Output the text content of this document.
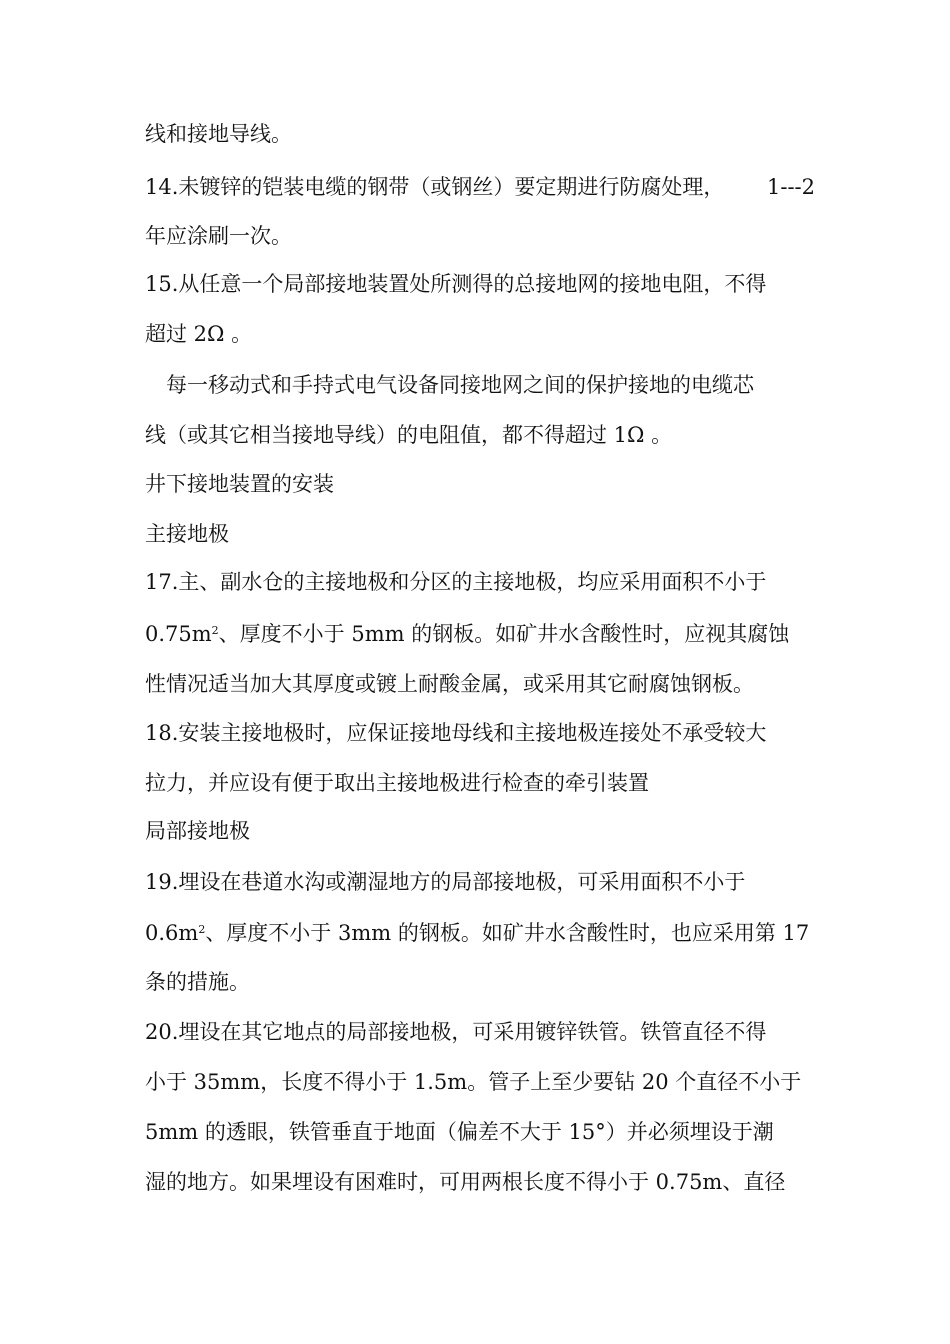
线和接地导线。
14.未镀锌的铠装电缆的钢带（或钢丝）要定期进行防腐处理， 1---2
年应涂刷一次。
15.从任意一个局部接地装置处所测得的总接地网的接地电阻，不得
超过 2Ω 。
每一移动式和手持式电气设备同接地网之间的保护接地的电缆芯
线（或其它相当接地导线）的电阻值，都不得超过 1Ω 。
井下接地装置的安装
主接地极
17.主、副水仓的主接地极和分区的主接地极，均应采用面积不小于
$0.75m^2$、厚度不小于 5mm 的钢板。如矿井水含酸性时，应视其腐蚀
性情况适当加大其厚度或镀上耐酸金属，或采用其它耐腐蚀钢板。
18.安装主接地极时，应保证接地母线和主接地极连接处不承受较大
拉力，并应设有便于取出主接地极进行检查的牵引装置
局部接地极
19.埋设在巷道水沟或潮湿地方的局部接地极，可采用面积不小于
$0.6m^2$、厚度不小于 3mm 的钢板。如矿井水含酸性时，也应采用第 17
条的措施。
20.埋设在其它地点的局部接地极，可采用镀锌铁管。铁管直径不得
小于 35mm，长度不得小于 1.5m。管子上至少要钻 20 个直径不小于
5mm 的透眼，铁管垂直于地面（偏差不大于 15°）并必须埋设于潮
湿的地方。如果埋设有困难时，可用两根长度不得小于 0.75m、直径
